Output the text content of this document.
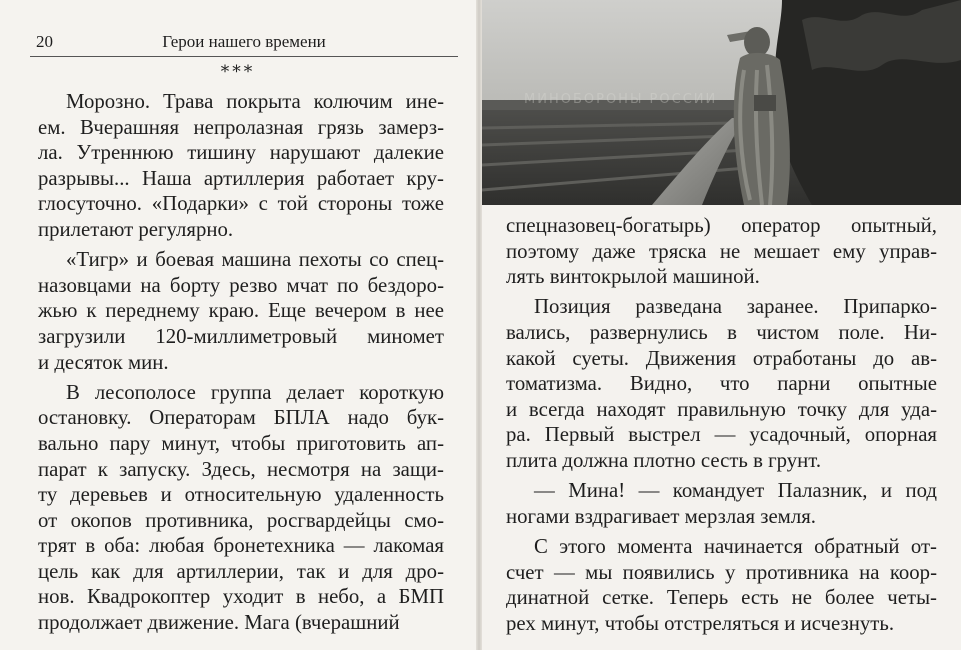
20	Герои нашего времени
***
Морозно. Трава покрыта колючим ине-
ем. Вчерашняя непролазная грязь замерз-
ла. Утреннюю тишину нарушают далекие
разрывы... Наша артиллерия работает кру-
глосуточно. «Подарки» с той стороны тоже
прилетают регулярно.
«Тигр» и боевая машина пехоты со спец-
назовцами на борту резво мчат по бездоро-
жью к переднему краю. Еще вечером в нее
загрузили 120-миллиметровый миномет
и десяток мин.
В лесополосе группа делает короткую
остановку. Операторам БПЛА надо бук-
вально пару минут, чтобы приготовить ап-
парат к запуску. Здесь, несмотря на защи-
ту деревьев и относительную удаленность
от окопов противника, росгвардейцы смо-
трят в оба: любая бронетехника — лакомая
цель как для артиллерии, так и для дро-
нов. Квадрокоптер уходит в небо, а БМП
продолжает движение. Мага (вчерашний
МИНОБОРОНЫ РОССИИ
спецназовец-богатырь) оператор опытный,
поэтому даже тряска не мешает ему управ-
лять винтокрылой машиной.
Позиция разведана заранее. Припарко-
вались, развернулись в чистом поле. Ни-
какой суеты. Движения отработаны до ав-
томатизма. Видно, что парни опытные
и всегда находят правильную точку для уда-
ра. Первый выстрел — усадочный, опорная
плита должна плотно сесть в грунт.
— Мина! — командует Палазник, и под
ногами вздрагивает мерзлая земля.
С этого момента начинается обратный от-
счет — мы появились у противника на коор-
динатной сетке. Теперь есть не более четы-
рех минут, чтобы отстреляться и исчезнуть.
